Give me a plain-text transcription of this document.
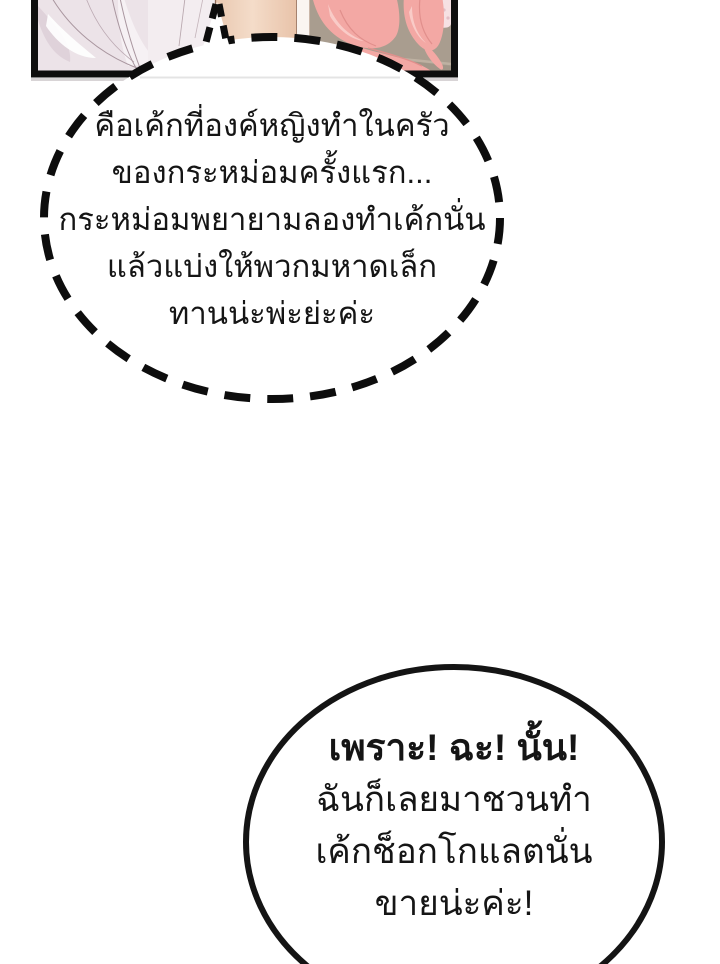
คือเค้กที่องค์หญิงทำในครัว
ของกระหม่อมครั้งแรก...
กระหม่อมพยายามลองทำเค้กนั่น
แล้วแบ่งให้พวกมหาดเล็ก
ทานน่ะพ่ะย่ะค่ะ
เพราะ! ฉะ! นั้น!
ฉันก็เลยมาชวนทำ
เค้กช็อกโกแลตนั่น
ขายน่ะค่ะ!
